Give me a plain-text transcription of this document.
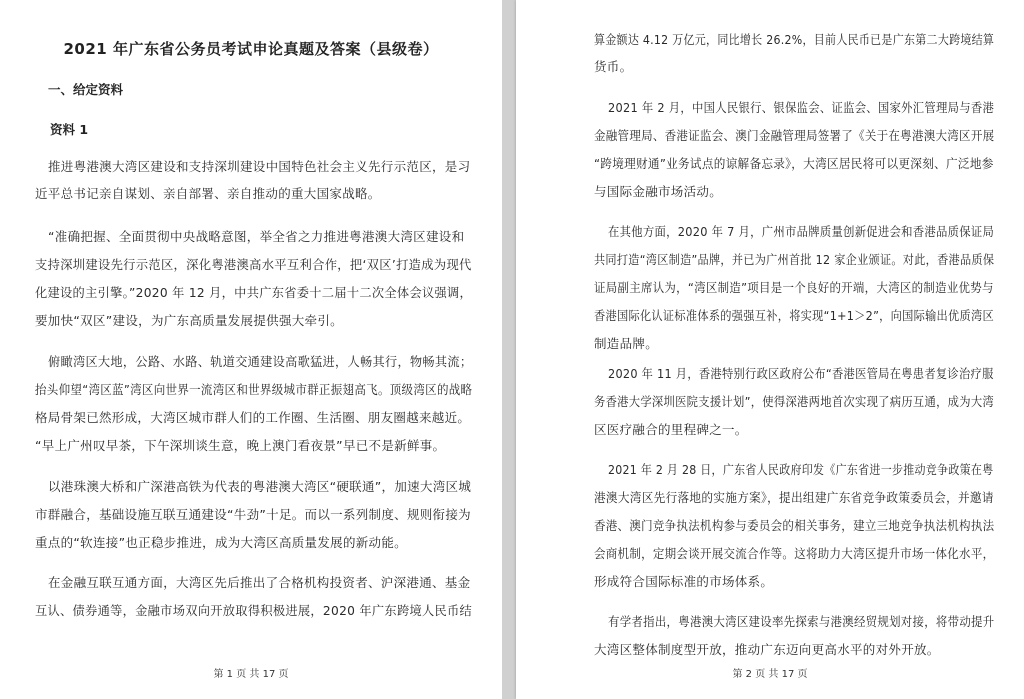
2021 年广东省公务员考试申论真题及答案（县级卷）
一、给定资料
资料 1
推进粤港澳大湾区建设和支持深圳建设中国特色社会主义先行示范区，是习
近平总书记亲自谋划、亲自部署、亲自推动的重大国家战略。
“准确把握、全面贯彻中央战略意图，举全省之力推进粤港澳大湾区建设和
支持深圳建设先行示范区，深化粤港澳高水平互利合作，把‘双区’打造成为现代
化建设的主引擎。”2020 年 12 月，中共广东省委十二届十二次全体会议强调，
要加快“双区”建设，为广东高质量发展提供强大牵引。
俯瞰湾区大地，公路、水路、轨道交通建设高歌猛进，人畅其行，物畅其流；
抬头仰望“湾区蓝”湾区向世界一流湾区和世界级城市群正振翅高飞。顶级湾区的战略
格局骨架已然形成，大湾区城市群人们的工作圈、生活圈、朋友圈越来越近。
“早上广州叹早茶，下午深圳谈生意，晚上澳门看夜景”早已不是新鲜事。
以港珠澳大桥和广深港高铁为代表的粤港澳大湾区“硬联通”，加速大湾区城
市群融合，基础设施互联互通建设“牛劲”十足。而以一系列制度、规则衔接为
重点的“软连接”也正稳步推进，成为大湾区高质量发展的新动能。
在金融互联互通方面，大湾区先后推出了合格机构投资者、沪深港通、基金
互认、债券通等，金融市场双向开放取得积极进展，2020 年广东跨境人民币结
第 1 页 共 17 页
算金额达 4.12 万亿元，同比增长 26.2%，目前人民币已是广东第二大跨境结算
货币。
2021 年 2 月，中国人民银行、银保监会、证监会、国家外汇管理局与香港
金融管理局、香港证监会、澳门金融管理局签署了《关于在粤港澳大湾区开展
“跨境理财通”业务试点的谅解备忘录》，大湾区居民将可以更深刻、广泛地参
与国际金融市场活动。
在其他方面，2020 年 7 月，广州市品牌质量创新促进会和香港品质保证局
共同打造“湾区制造”品牌，并已为广州首批 12 家企业颁证。对此，香港品质保
证局副主席认为，“湾区制造”项目是一个良好的开端，大湾区的制造业优势与
香港国际化认证标准体系的强强互补，将实现“1+1＞2”，向国际输出优质湾区
制造品牌。
2020 年 11 月，香港特别行政区政府公布“香港医管局在粤患者复诊治疗服
务香港大学深圳医院支援计划”，使得深港两地首次实现了病历互通，成为大湾
区医疗融合的里程碑之一。
2021 年 2 月 28 日，广东省人民政府印发《广东省进一步推动竞争政策在粤
港澳大湾区先行落地的实施方案》，提出组建广东省竞争政策委员会，并邀请
香港、澳门竞争执法机构参与委员会的相关事务，建立三地竞争执法机构执法
会商机制，定期会谈开展交流合作等。这将助力大湾区提升市场一体化水平，
形成符合国际标准的市场体系。
有学者指出，粤港澳大湾区建设率先探索与港澳经贸规划对接，将带动提升
大湾区整体制度型开放，推动广东迈向更高水平的对外开放。
第 2 页 共 17 页
